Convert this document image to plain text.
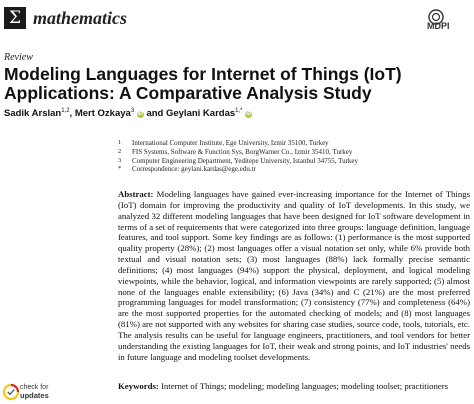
Σ mathematics	MDPI
Review
Modeling Languages for Internet of Things (IoT) Applications: A Comparative Analysis Study
Sadik Arslan$^{1,2}$, Mert Ozkaya$^3$ iD and Geylani Kardas$^{1,*}$ iD
1 International Computer Institute, Ege University, Izmir 35100, Turkey
2 FIS Systems, Software & Function Sys, BorgWarner Co., Izmir 35410, Turkey
3 Computer Engineering Department, Yeditepe University, Istanbul 34755, Turkey
* Correspondence: geylani.kardas@ege.edu.tr
Abstract: Modeling languages have gained ever-increasing importance for the Internet of Things (IoT) domain for improving the productivity and quality of IoT developments. In this study, we analyzed 32 different modeling languages that have been designed for IoT software development in terms of a set of requirements that were categorized into three groups: language definition, language features, and tool support. Some key findings are as follows: (1) performance is the most supported quality property (28%); (2) most languages offer a visual notation set only, while 6% provide both textual and visual notation sets; (3) most languages (88%) lack formally precise semantic definitions; (4) most languages (94%) support the physical, deployment, and logical modeling viewpoints, while the behavior, logical, and information viewpoints are rarely supported; (5) almost none of the languages enable extensibility; (6) Java (34%) and C (21%) are the most preferred programming languages for model transformation; (7) consistency (77%) and completeness (64%) are the most supported properties for the automated checking of models; and (8) most languages (81%) are not supported with any websites for sharing case studies, source code, tools, tutorials, etc. The analysis results can be useful for language engineers, practitioners, and tool vendors for better understanding the existing languages for IoT, their weak and strong points, and IoT industries' needs in future language and modeling toolset developments.
Keywords: Internet of Things; modeling; modeling languages; modeling toolset; practitioners
check for
updates
